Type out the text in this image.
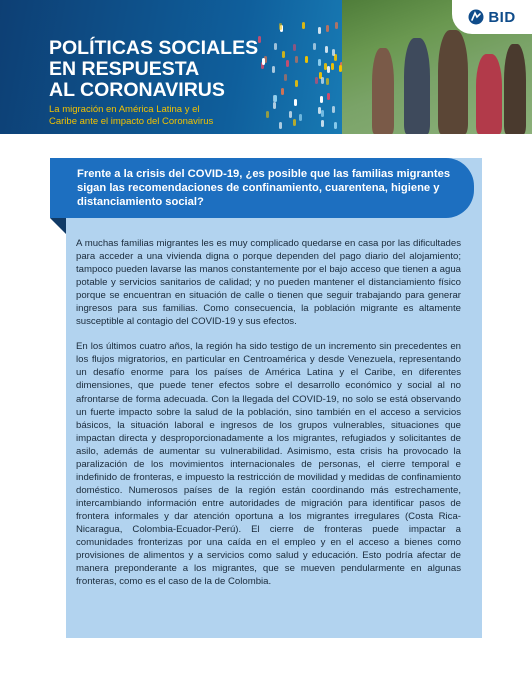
POLÍTICAS SOCIALES
EN RESPUESTA
AL CORONAVIRUS

La migración en América Latina y el
Caribe ante el impacto del Coronavirus

BID

Frente a la crisis del COVID-19, ¿es posible que las familias migrantes sigan las recomendaciones de confinamiento, cuarentena, higiene y distanciamiento social?

A muchas familias migrantes les es muy complicado quedarse en casa por las dificultades para acceder a una vivienda digna o porque dependen del pago diario del alojamiento; tampoco pueden lavarse las manos constantemente por el bajo acceso que tienen a agua potable y servicios sanitarios de calidad; y no pueden mantener el distanciamiento físico porque se encuentran en situación de calle o tienen que seguir trabajando para generar ingresos para sus familias. Como consecuencia, la población migrante es altamente susceptible al contagio del COVID-19 y sus efectos.

En los últimos cuatro años, la región ha sido testigo de un incremento sin precedentes en los flujos migratorios, en particular en Centroamérica y desde Venezuela, representando un desafío enorme para los países de América Latina y el Caribe, en diferentes dimensiones, que puede tener efectos sobre el desarrollo económico y social al no afrontarse de forma adecuada. Con la llegada del COVID-19, no solo se está observando un fuerte impacto sobre la salud de la población, sino también en el acceso a servicios básicos, la situación laboral e ingresos de los grupos vulnerables, situaciones que impactan directa y desproporcionadamente a los migrantes, refugiados y solicitantes de asilo, además de aumentar su vulnerabilidad. Asimismo, esta crisis ha provocado la paralización de los movimientos internacionales de personas, el cierre temporal e indefinido de fronteras, e impuesto la restricción de movilidad y medidas de confinamiento doméstico. Numerosos países de la región están coordinando más estrechamente, intercambiando información entre autoridades de migración para identificar pasos de frontera informales y dar atención oportuna a los migrantes irregulares (Costa Rica-Nicaragua, Colombia-Ecuador-Perú). El cierre de fronteras puede impactar a comunidades fronterizas por una caída en el empleo y en el acceso a bienes como provisiones de alimentos y a servicios como salud y educación. Esto podría afectar de manera preponderante a los migrantes, que se mueven pendularmente en algunas fronteras, como es el caso de la de Colombia.
